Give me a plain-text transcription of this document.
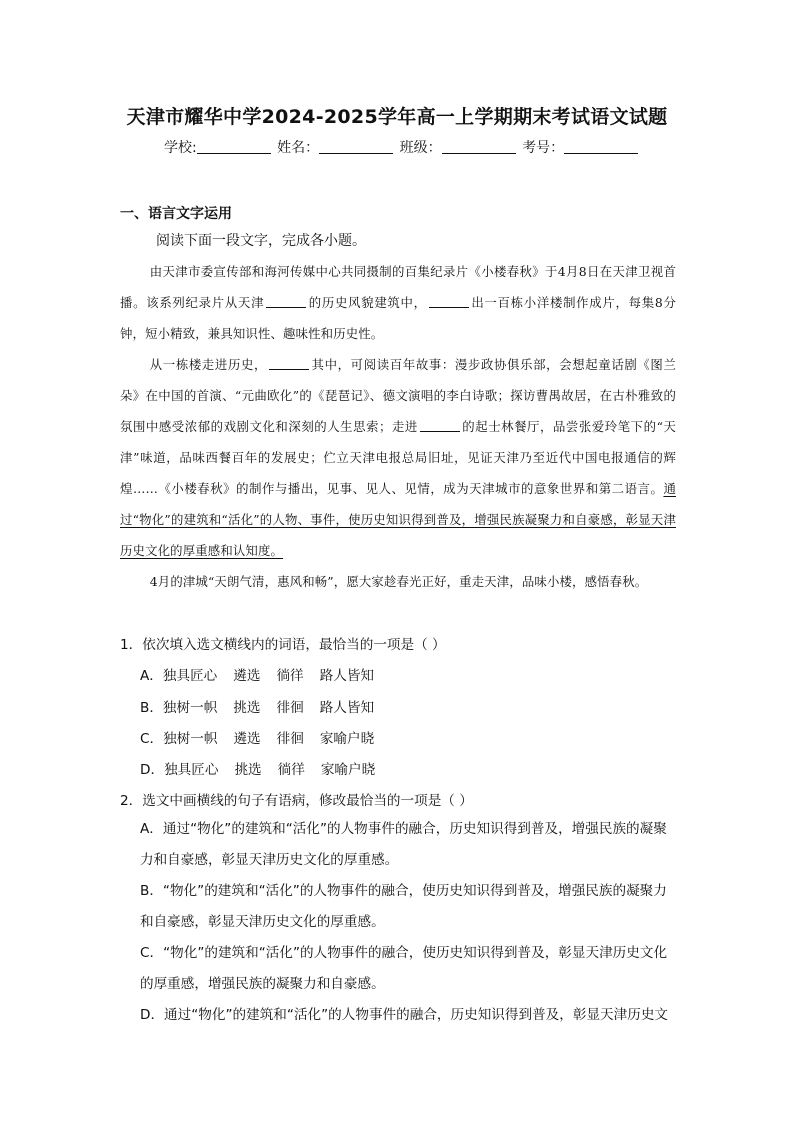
天津市耀华中学2024-2025学年高一上学期期末考试语文试题
学校:	姓名：	班级：	考号：
一、语言文字运用
阅读下面一段文字，完成各小题。

由天津市委宣传部和海河传媒中心共同摄制的百集纪录片《小楼春秋》于4月8日在天津卫视首播。该系列纪录片从天津	的历史风貌建筑中，	出一百栋小洋楼制作成片，每集8分钟，短小精致，兼具知识性、趣味性和历史性。

从一栋楼走进历史，	其中，可阅读百年故事：漫步政协俱乐部，会想起童话剧《图兰朵》在中国的首演、“元曲欧化”的《琵琶记》、德文演唱的李白诗歌；探访曹禺故居，在古朴雅致的氛围中感受浓郁的戏剧文化和深刻的人生思索；走进	的起士林餐厅，品尝张爱玲笔下的“天津”味道，品味西餐百年的发展史；伫立天津电报总局旧址，见证天津乃至近代中国电报通信的辉煌……《小楼春秋》的制作与播出，见事、见人、见情，成为天津城市的意象世界和第二语言。通过“物化”的建筑和“活化”的人物、事件，使历史知识得到普及，增强民族凝聚力和自豪感，彰显天津历史文化的厚重感和认知度。

4月的津城“天朗气清，惠风和畅”，愿大家趁春光正好，重走天津，品味小楼，感悟春秋。

1．依次填入选文横线内的词语，最恰当的一项是（ ）
A．独具匠心 遴选 徜徉 路人皆知
B．独树一帜 挑选 徘徊 路人皆知
C．独树一帜 遴选 徘徊 家喻户晓
D．独具匠心 挑选 徜徉 家喻户晓
2．选文中画横线的句子有语病，修改最恰当的一项是（ ）
A．通过“物化”的建筑和“活化”的人物事件的融合，历史知识得到普及，增强民族的凝聚力和自豪感，彰显天津历史文化的厚重感。
B．“物化”的建筑和“活化”的人物事件的融合，使历史知识得到普及，增强民族的凝聚力和自豪感，彰显天津历史文化的厚重感。
C．“物化”的建筑和“活化”的人物事件的融合，使历史知识得到普及，彰显天津历史文化的厚重感，增强民族的凝聚力和自豪感。
D．通过“物化”的建筑和“活化”的人物事件的融合，历史知识得到普及，彰显天津历史文
